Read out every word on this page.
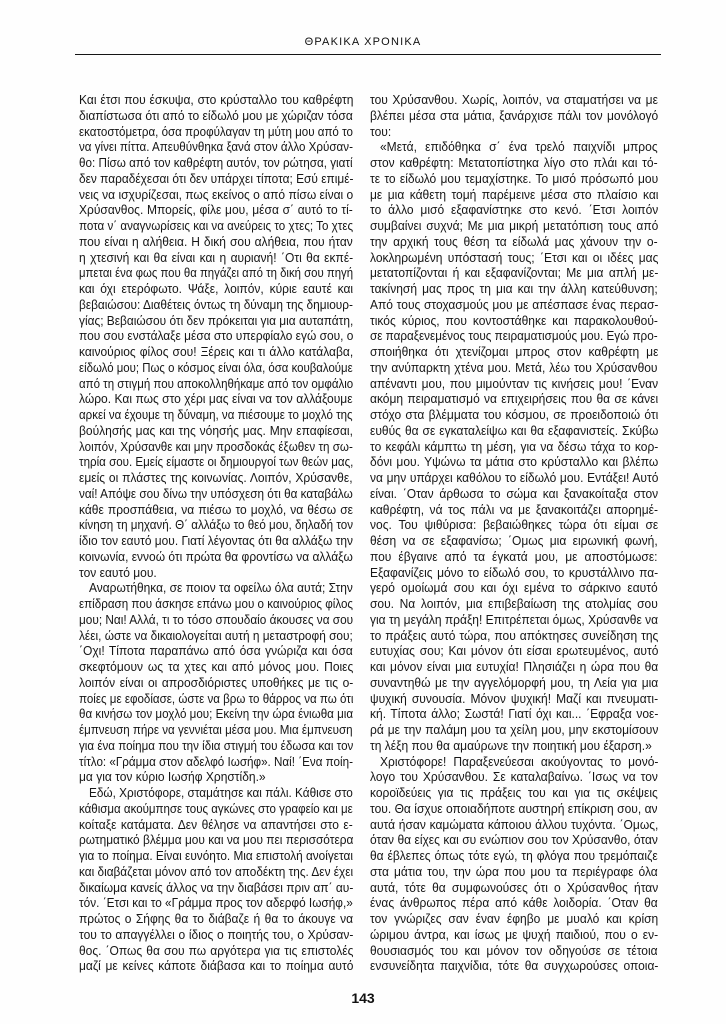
ΘΡΑΚΙΚΑ ΧΡΟΝΙΚΑ
Και έτσι που έσκυψα, στο κρύσταλλο του καθρέφτη
διαπίστωσα ότι από το είδωλό μου με χώριζαν τόσα
εκατοστόμετρα, όσα προφύλαγαν τη μύτη μου από το
να γίνει πίττα. Απευθύνθηκα ξανά στον άλλο Χρύσαν-
θο: Πίσω από τον καθρέφτη αυτόν, τον ρώτησα, γιατί
δεν παραδέχεσαι ότι δεν υπάρχει τίποτα; Εσύ επιμέ-
νεις να ισχυρίζεσαι, πως εκείνος ο από πίσω είναι ο
Χρύσανθος. Μπορείς, φίλε μου, μέσα σ΄ αυτό το τί-
ποτα ν΄ αναγνωρίσεις και να ανεύρεις το χτες; Το χτες
που είναι η αλήθεια. Η δική σου αλήθεια, που ήταν
η χτεσινή και θα είναι και η αυριανή! ΄Οτι θα εκπέ-
μπεται ένα φως που θα πηγάζει από τη δική σου πηγή
και όχι ετερόφωτο. Ψάξε, λοιπόν, κύριε εαυτέ και
βεβαιώσου: Διαθέτεις όντως τη δύναμη της δημιουρ-
γίας; Βεβαιώσου ότι δεν πρόκειται για μια αυταπάτη,
που σου ενστάλαξε μέσα στο υπερφίαλο εγώ σου, ο
καινούριος φίλος σου! Ξέρεις και τι άλλο κατάλαβα,
είδωλό μου; Πως ο κόσμος είναι όλα, όσα κουβαλούμε
από τη στιγμή που αποκολληθήκαμε από τον ομφάλιο
λώρο. Και πως στο χέρι μας είναι να τον αλλάξουμε
αρκεί να έχουμε τη δύναμη, να πιέσουμε το μοχλό της
βούλησής μας και της νόησής μας. Μην επαφίεσαι,
λοιπόν, Χρύσανθε και μην προσδοκάς έξωθεν τη σω-
τηρία σου. Εμείς είμαστε οι δημιουργοί των θεών μας,
εμείς οι πλάστες της κοινωνίας. Λοιπόν, Χρύσανθε,
ναί! Απόψε σου δίνω την υπόσχεση ότι θα καταβάλω
κάθε προσπάθεια, να πιέσω το μοχλό, να θέσω σε
κίνηση τη μηχανή. Θ΄ αλλάξω το θεό μου, δηλαδή τον
ίδιο τον εαυτό μου. Γιατί λέγοντας ότι θα αλλάξω την
κοινωνία, εννοώ ότι πρώτα θα φροντίσω να αλλάξω
τον εαυτό μου.
Αναρωτήθηκα, σε ποιον τα οφείλω όλα αυτά; Στην
επίδραση που άσκησε επάνω μου ο καινούριος φίλος
μου; Ναι! Αλλά, τι το τόσο σπουδαίο άκουσες να σου
λέει, ώστε να δικαιολογείται αυτή η μεταστροφή σου;
΄Οχι! Τίποτα παραπάνω από όσα γνώριζα και όσα
σκεφτόμουν ως τα χτες και από μόνος μου. Ποιες
λοιπόν είναι οι απροσδιόριστες υποθήκες με τις ο-
ποίες με εφοδίασε, ώστε να βρω το θάρρος να πω ότι
θα κινήσω τον μοχλό μου; Εκείνη την ώρα ένιωθα μια
έμπνευση πήρε να γεννιέται μέσα μου. Μια έμπνευση
για ένα ποίημα που την ίδια στιγμή του έδωσα και τον
τίτλο: «Γράμμα στον αδελφό Ιωσήφ». Ναί! ΄Ενα ποίη-
μα για τον κύριο Ιωσήφ Χρηστίδη.»
Εδώ, Χριστόφορε, σταμάτησε και πάλι. Κάθισε στο
κάθισμα ακούμπησε τους αγκώνες στο γραφείο και με
κοίταξε κατάματα. Δεν θέλησε να απαντήσει στο ε-
ρωτηματικό βλέμμα μου και να μου πει περισσότερα
για το ποίημα. Είναι ευνόητο. Μια επιστολή ανοίγεται
και διαβάζεται μόνον από τον αποδέκτη της. Δεν έχει
δικαίωμα κανείς άλλος να την διαβάσει πριν απ΄ αυ-
τόν. ΄Ετσι και το «Γράμμα προς τον αδερφό Ιωσήφ,»
πρώτος ο Σήφης θα το διάβαζε ή θα το άκουγε να
του το απαγγέλλει ο ίδιος ο ποιητής του, ο Χρύσαν-
θος. ΄Οπως θα σου πω αργότερα για τις επιστολές
μαζί με κείνες κάποτε διάβασα και το ποίημα αυτό
του Χρύσανθου. Χωρίς, λοιπόν, να σταματήσει να με
βλέπει μέσα στα μάτια, ξανάρχισε πάλι τον μονόλογό
του:
«Μετά, επιδόθηκα σ΄ ένα τρελό παιχνίδι μπρος
στον καθρέφτη: Μετατοπίστηκα λίγο στο πλάι και τό-
τε το είδωλό μου τεμαχίστηκε. Το μισό πρόσωπό μου
με μια κάθετη τομή παρέμεινε μέσα στο πλαίσιο και
το άλλο μισό εξαφανίστηκε στο κενό. ΄Ετσι λοιπόν
συμβαίνει συχνά; Με μια μικρή μετατόπιση τους από
την αρχική τους θέση τα είδωλά μας χάνουν την ο-
λοκληρωμένη υπόστασή τους; ΄Ετσι και οι ιδέες μας
μετατοπίζονται ή και εξαφανίζονται; Με μια απλή με-
τακίνησή μας προς τη μια και την άλλη κατεύθυνση;
Από τους στοχασμούς μου με απέσπασε ένας περασ-
τικός κύριος, που κοντοστάθηκε και παρακολουθού-
σε παραξενεμένος τους πειραματισμούς μου. Εγώ προ-
σποιήθηκα ότι χτενίζομαι μπρος στον καθρέφτη με
την ανύπαρκτη χτένα μου. Μετά, λέω του Χρύσανθου
απέναντι μου, που μιμούνταν τις κινήσεις μου! ΄Εναν
ακόμη πειραματισμό να επιχειρήσεις που θα σε κάνει
στόχο στα βλέμματα του κόσμου, σε προειδοποιώ ότι
ευθύς θα σε εγκαταλείψω και θα εξαφανιστείς. Σκύβω
το κεφάλι κάμπτω τη μέση, για να δέσω τάχα το κορ-
δόνι μου. Υψώνω τα μάτια στο κρύσταλλο και βλέπω
να μην υπάρχει καθόλου το είδωλό μου. Εντάξει! Αυτό
είναι. ΄Οταν άρθωσα το σώμα και ξανακοίταξα στον
καθρέφτη, νά τος πάλι να με ξανακοιτάζει απορημέ-
νος. Του ψιθύρισα: βεβαιώθηκες τώρα ότι είμαι σε
θέση να σε εξαφανίσω; ΄Ομως μια ειρωνική φωνή,
που έβγαινε από τα έγκατά μου, με αποστόμωσε:
Εξαφανίζεις μόνο το είδωλό σου, το κρυστάλλινο πα-
γερό ομοίωμά σου και όχι εμένα το σάρκινο εαυτό
σου. Να λοιπόν, μια επιβεβαίωση της ατολμίας σου
για τη μεγάλη πράξη! Επιτρέπεται όμως, Χρύσανθε να
το πράξεις αυτό τώρα, που απόκτησες συνείδηση της
ευτυχίας σου; Και μόνον ότι είσαι ερωτευμένος, αυτό
και μόνον είναι μια ευτυχία! Πλησιάζει η ώρα που θα
συναντηθώ με την αγγελόμορφή μου, τη Λεία για μια
ψυχική συνουσία. Μόνον ψυχική! Μαζί και πνευματι-
κή. Τίποτα άλλο; Σωστά! Γιατί όχι και... ΄Εφραξα νοε-
ρά με την παλάμη μου τα χείλη μου, μην εκστομίσουν
τη λέξη που θα αμαύρωνε την ποιητική μου έξαρση.»
Χριστόφορε! Παραξενεύεσαι ακούγοντας το μονό-
λογο του Χρύσανθου. Σε καταλαβαίνω. ΄Ισως να τον
κοροϊδεύεις για τις πράξεις του και για τις σκέψεις
του. Θα ίσχυε οποιαδήποτε αυστηρή επίκριση σου, αν
αυτά ήσαν καμώματα κάποιου άλλου τυχόντα. ΄Ομως,
όταν θα είχες και συ ενώπιον σου τον Χρύσανθο, όταν
θα έβλεπες όπως τότε εγώ, τη φλόγα που τρεμόπαιζε
στα μάτια του, την ώρα που μου τα περιέγραφε όλα
αυτά, τότε θα συμφωνούσες ότι ο Χρύσανθος ήταν
ένας άνθρωπος πέρα από κάθε λοιδορία. ΄Οταν θα
τον γνώριζες σαν έναν έφηβο με μυαλό και κρίση
ώριμου άντρα, και ίσως με ψυχή παιδιού, που ο εν-
θουσιασμός του και μόνον τον οδηγούσε σε τέτοια
ενσυνείδητα παιχνίδια, τότε θα συγχωρούσες οποια-
143
